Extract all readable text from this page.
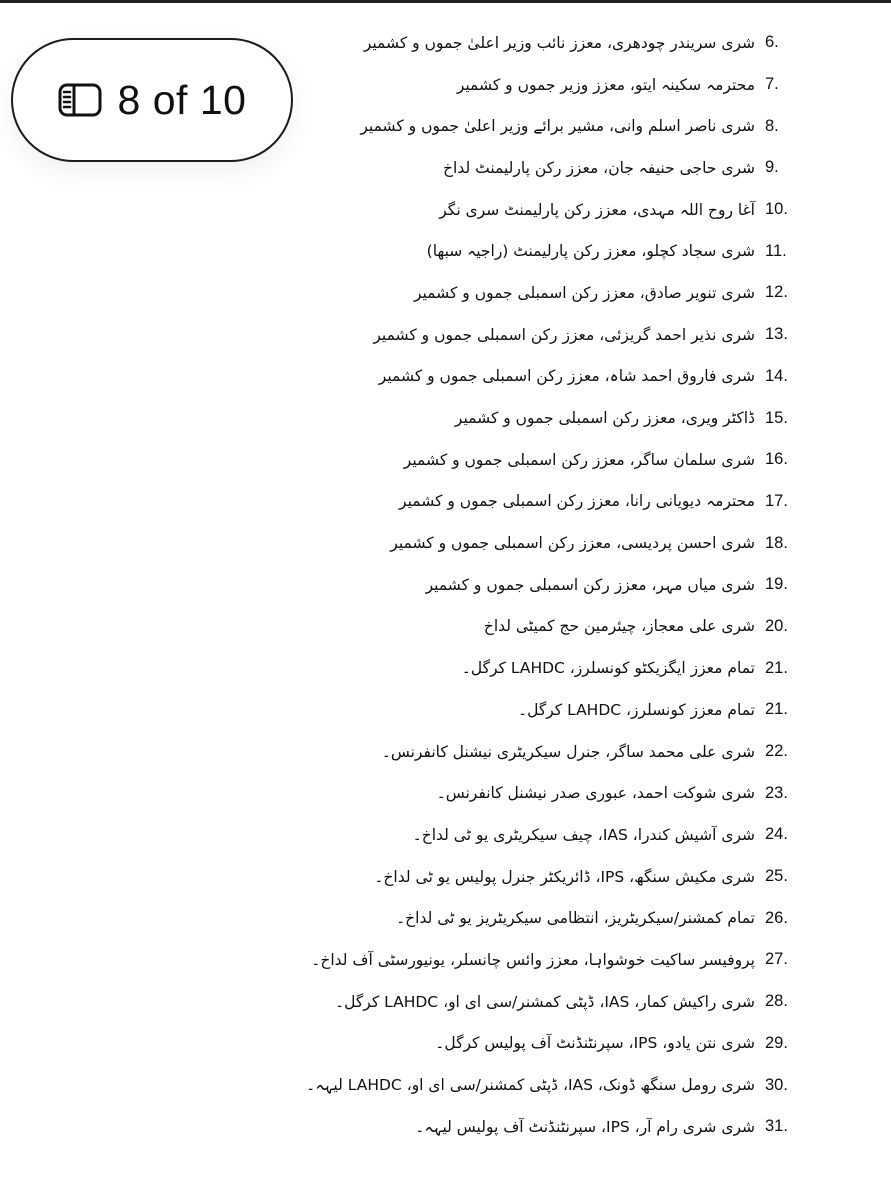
8 of 10
شری سریندر چودھری، معزز نائب وزیر اعلیٰ جموں و کشمیر 6.
محترمہ سکینہ ایتو، معزز وزیر جموں و کشمیر 7.
شری ناصر اسلم وانی، مشیر برائے وزیر اعلیٰ جموں و کشمیر 8.
شری حاجی حنیفہ جان، معزز رکن پارلیمنٹ لداخ 9.
آغا روح اللہ مہدی، معزز رکن پارلیمنٹ سری نگر 10.
شری سجاد کچلو، معزز رکن پارلیمنٹ (راجیہ سبھا) 11.
شری تنویر صادق، معزز رکن اسمبلی جموں و کشمیر 12.
شری نذیر احمد گریزئی، معزز رکن اسمبلی جموں و کشمیر 13.
شری فاروق احمد شاہ، معزز رکن اسمبلی جموں و کشمیر 14.
ڈاکٹر ویری، معزز رکن اسمبلی جموں و کشمیر 15.
شری سلمان ساگر، معزز رکن اسمبلی جموں و کشمیر 16.
محترمہ دیویانی رانا، معزز رکن اسمبلی جموں و کشمیر 17.
شری احسن پردیسی، معزز رکن اسمبلی جموں و کشمیر 18.
شری میاں مہر، معزز رکن اسمبلی جموں و کشمیر 19.
شری علی معجاز، چیئرمین حج کمیٹی لداخ 20.
تمام معزز ایگزیکٹو کونسلرز، LAHDC کرگل۔ 21.
تمام معزز کونسلرز، LAHDC کرگل۔ 21.
شری علی محمد ساگر، جنرل سیکریٹری نیشنل کانفرنس۔ 22.
شری شوکت احمد، عبوری صدر نیشنل کانفرنس۔ 23.
شری آشیش کندرا، IAS، چیف سیکریٹری یو ٹی لداخ۔ 24.
شری مکیش سنگھ، IPS، ڈائریکٹر جنرل پولیس یو ٹی لداخ۔ 25.
تمام کمشنر/سیکریٹریز، انتظامی سیکریٹریز یو ٹی لداخ۔ 26.
پروفیسر ساکیت خوشواہا، معزز وائس چانسلر، یونیورسٹی آف لداخ۔ 27.
شری راکیش کمار، IAS، ڈپٹی کمشنر/سی ای او، LAHDC کرگل۔ 28.
شری نتن یادو، IPS، سپرنٹنڈنٹ آف پولیس کرگل۔ 29.
شری رومل سنگھ ڈونک، IAS، ڈپٹی کمشنر/سی ای او، LAHDC لیہہ۔ 30.
شری شری رام آر، IPS، سپرنٹنڈنٹ آف پولیس لیہہ۔ 31.
